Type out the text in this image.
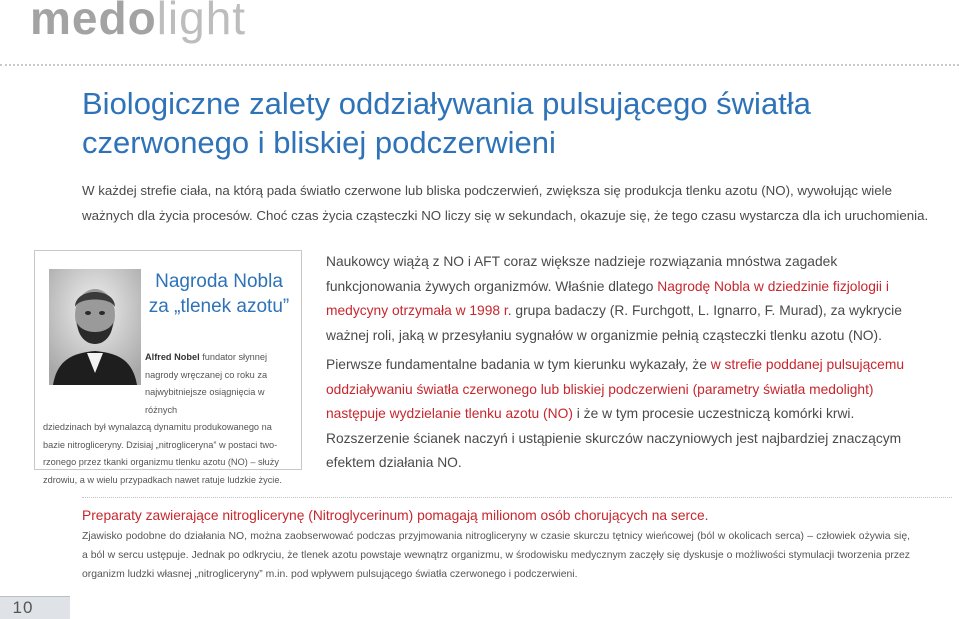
medolight
Biologiczne zalety oddziaływania pulsującego światła
czerwonego i bliskiej podczerwieni

W każdej strefie ciała, na którą pada światło czerwone lub bliska podczerwień, zwiększa się produkcja tlenku azotu (NO), wywołując wiele ważnych dla życia procesów. Choć czas życia cząsteczki NO liczy się w sekundach, okazuje się, że tego czasu wystarcza dla ich uruchomienia.

Nagroda Nobla
za „tlenek azotu”
Alfred Nobel fundator słynnej nagrody wręczanej co roku za najwybitniejsze osiągnięcia w różnych
dziedzinach był wynalazcą dynamitu produkowanego na bazie nitrogliceryny. Dzisiaj „nitrogliceryna” w postaci two- rzonego przez tkanki organizmu tlenku azotu (NO) – służy zdrowiu, a w wielu przypadkach nawet ratuje ludzkie życie.

Naukowcy wiążą z NO i AFT coraz większe nadzieje rozwiązania mnóstwa zagadek funkcjonowania żywych organizmów. Właśnie dlatego Nagrodę Nobla w dziedzinie fizjologii i medycyny otrzymała w 1998 r. grupa badaczy (R. Furchgott, L. Ignarro, F. Murad), za wykrycie ważnej roli, jaką w przesyłaniu sygnałów w organizmie pełnią cząsteczki tlenku azotu (NO).

Pierwsze fundamentalne badania w tym kierunku wykazały, że w strefie poddanej pulsującemu oddziaływaniu światła czerwonego lub bliskiej podczerwieni (parametry światła medolight) następuje wydzielanie tlenku azotu (NO) i że w tym procesie uczestniczą komórki krwi. Rozszerzenie ścianek naczyń i ustąpienie skurczów naczyniowych jest najbardziej znaczącym efektem działania NO.

Preparaty zawierające nitroglicerynę (Nitroglycerinum) pomagają milionom osób chorujących na serce.

Zjawisko podobne do działania NO, można zaobserwować podczas przyjmowania nitrogliceryny w czasie skurczu tętnicy wieńcowej (ból w okolicach serca) – człowiek ożywia się, a ból w sercu ustępuje. Jednak po odkryciu, że tlenek azotu powstaje wewnątrz organizmu, w środowisku medycznym zaczęły się dyskusje o możliwości stymulacji tworzenia przez organizm ludzki własnej „nitrogliceryny” m.in. pod wpływem pulsującego światła czerwonego i podczerwieni.

10
